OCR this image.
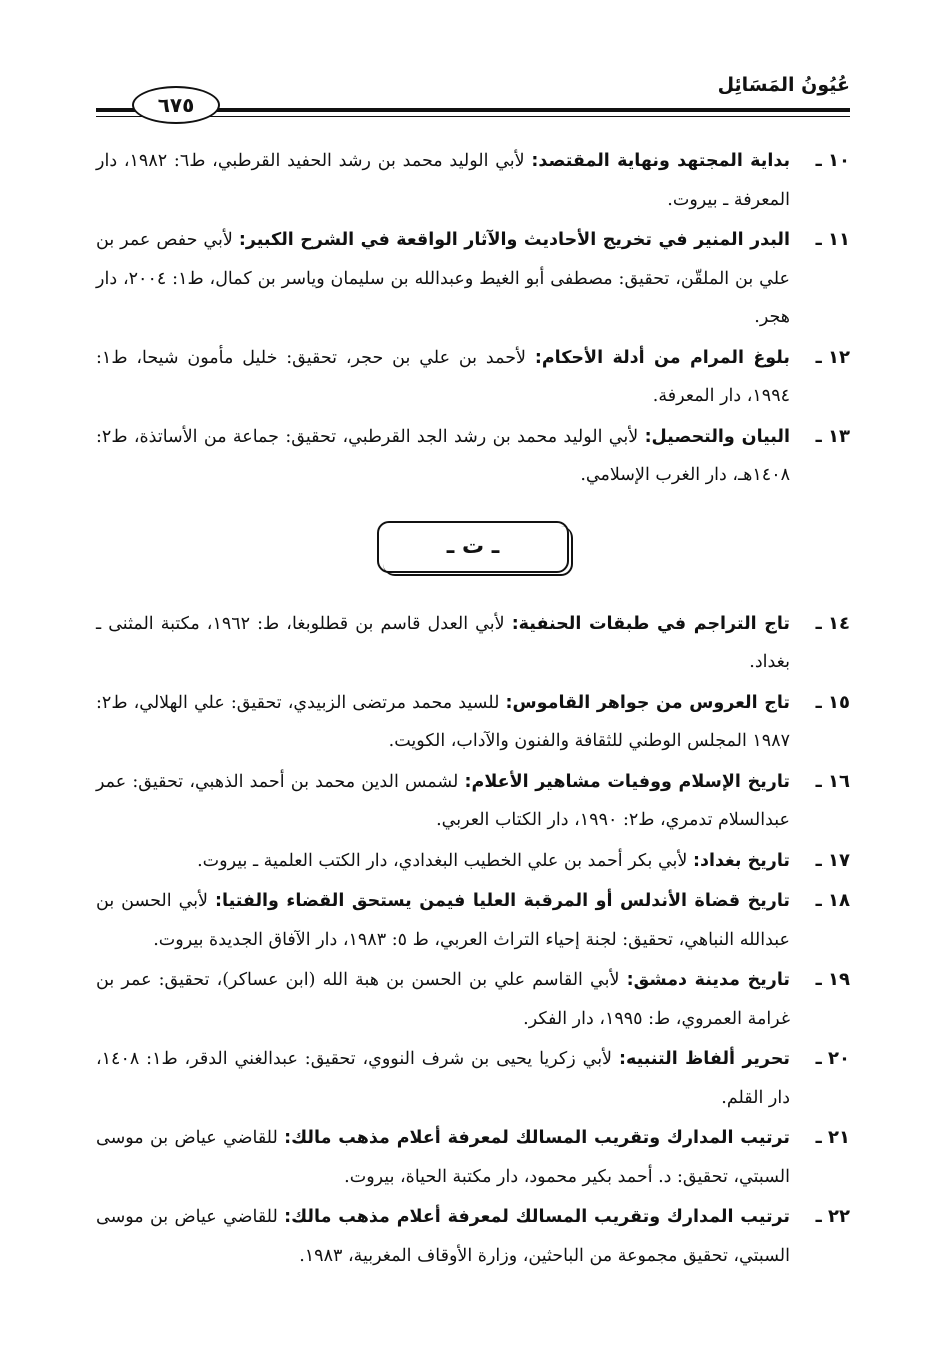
عُيُونُ المَسَائِل
٦٧٥
١٠ ـ
بداية المجتهد ونهاية المقتصد: لأبي الوليد محمد بن رشد الحفيد القرطبي، ط٦: ١٩٨٢، دار المعرفة ـ بيروت.
١١ ـ
البدر المنير في تخريج الأحاديث والآثار الواقعة في الشرح الكبير: لأبي حفص عمر بن علي بن الملقّن، تحقيق: مصطفى أبو الغيط وعبدالله بن سليمان وياسر بن كمال، ط١: ٢٠٠٤، دار هجر.
١٢ ـ
بلوغ المرام من أدلة الأحكام: لأحمد بن علي بن حجر، تحقيق: خليل مأمون شيحا، ط١: ١٩٩٤، دار المعرفة.
١٣ ـ
البيان والتحصيل: لأبي الوليد محمد بن رشد الجد القرطبي، تحقيق: جماعة من الأساتذة، ط٢: ١٤٠٨هـ، دار الغرب الإسلامي.
ـ ت ـ
١٤ ـ
تاج التراجم في طبقات الحنفية: لأبي العدل قاسم بن قطلوبغا، ط: ١٩٦٢، مكتبة المثنى ـ بغداد.
١٥ ـ
تاج العروس من جواهر القاموس: للسيد محمد مرتضى الزبيدي، تحقيق: علي الهلالي، ط٢: ١٩٨٧ المجلس الوطني للثقافة والفنون والآداب، الكويت.
١٦ ـ
تاريخ الإسلام ووفيات مشاهير الأعلام: لشمس الدين محمد بن أحمد الذهبي، تحقيق: عمر عبدالسلام تدمري، ط٢: ١٩٩٠، دار الكتاب العربي.
١٧ ـ
تاريخ بغداد: لأبي بكر أحمد بن علي الخطيب البغدادي، دار الكتب العلمية ـ بيروت.
١٨ ـ
تاريخ قضاة الأندلس أو المرقبة العليا فيمن يستحق القضاء والفتيا: لأبي الحسن بن عبدالله النباهي، تحقيق: لجنة إحياء التراث العربي، ط ٥: ١٩٨٣، دار الآفاق الجديدة بيروت.
١٩ ـ
تاريخ مدينة دمشق: لأبي القاسم علي بن الحسن بن هبة الله (ابن عساكر)، تحقيق: عمر بن غرامة العمروي، ط: ١٩٩٥، دار الفكر.
٢٠ ـ
تحرير ألفاظ التنبيه: لأبي زكريا يحيى بن شرف النووي، تحقيق: عبدالغني الدقر، ط١: ١٤٠٨، دار القلم.
٢١ ـ
ترتيب المدارك وتقريب المسالك لمعرفة أعلام مذهب مالك: للقاضي عياض بن موسى السبتي، تحقيق: د. أحمد بكير محمود، دار مكتبة الحياة، بيروت.
٢٢ ـ
ترتيب المدارك وتقريب المسالك لمعرفة أعلام مذهب مالك: للقاضي عياض بن موسى السبتي، تحقيق مجموعة من الباحثين، وزارة الأوقاف المغربية، ١٩٨٣.
